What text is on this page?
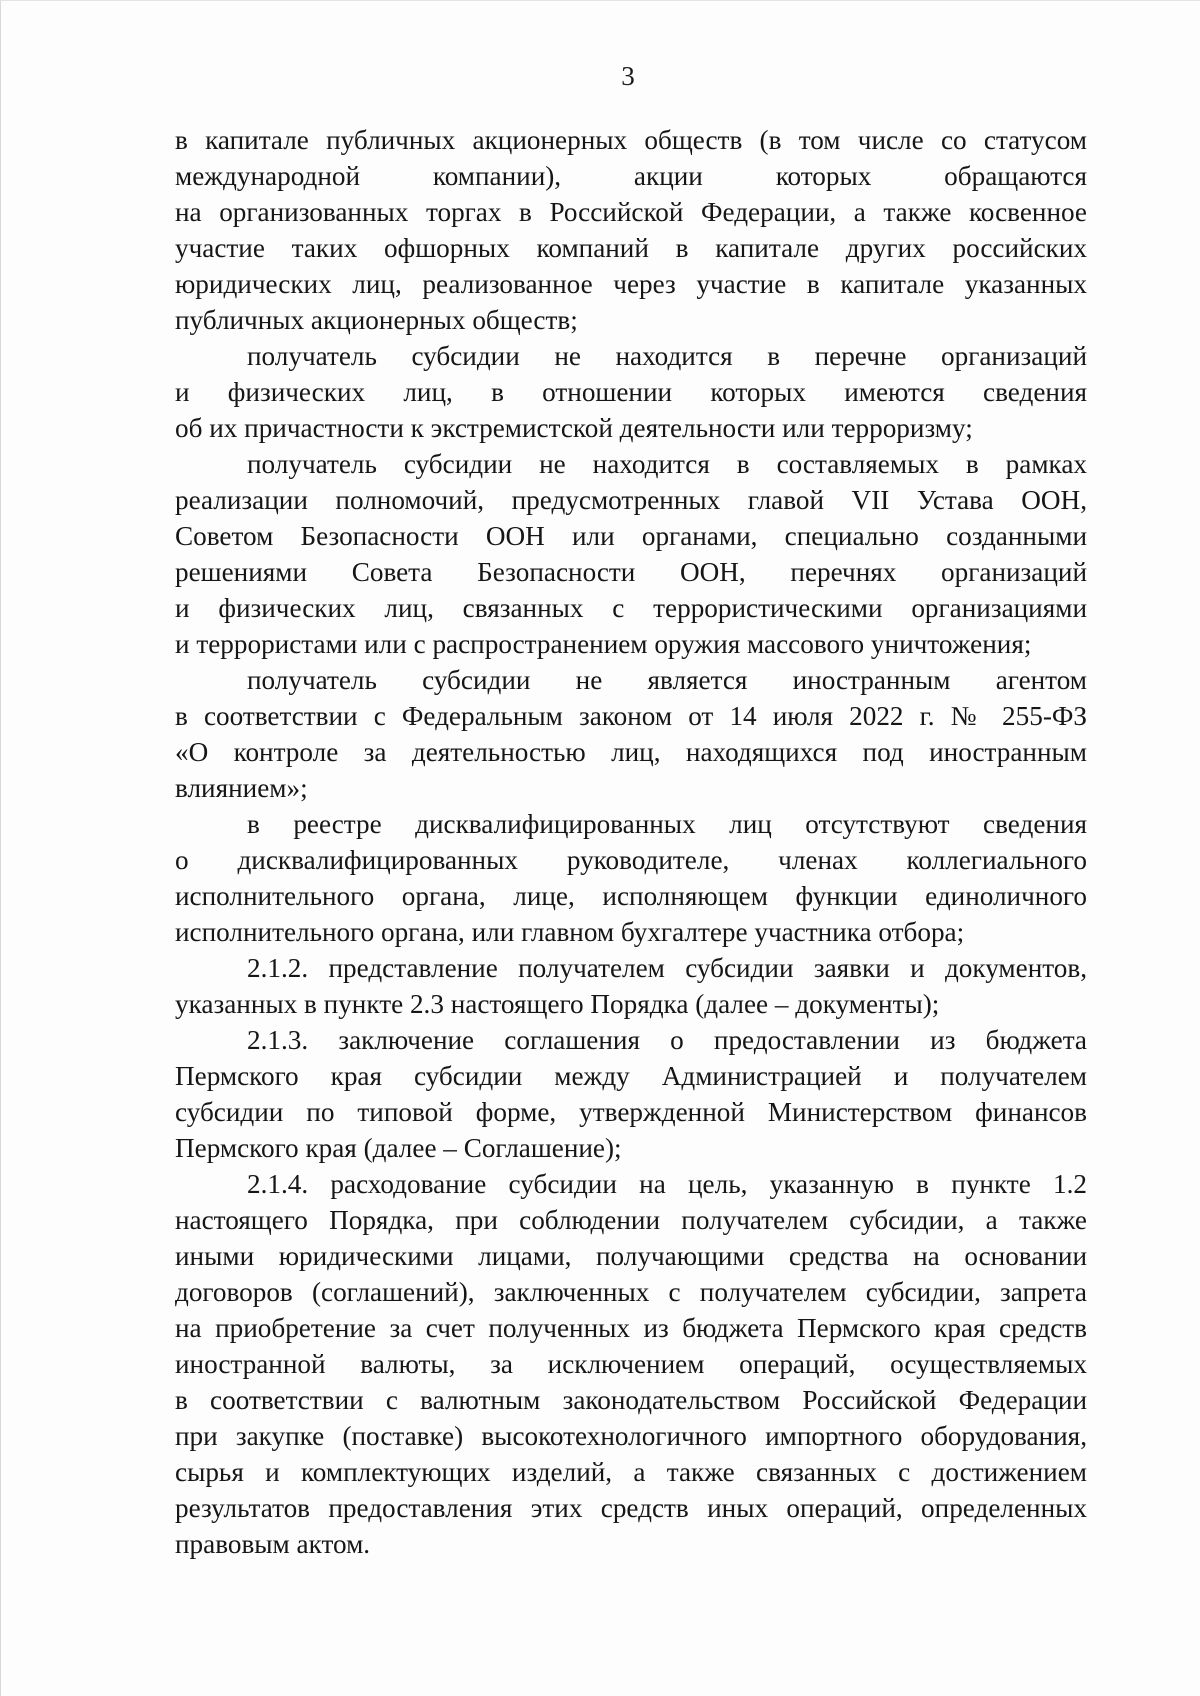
3
в капитале публичных акционерных обществ (в том числе со статусом
международной компании), акции которых обращаются
на организованных торгах в Российской Федерации, а также косвенное
участие таких офшорных компаний в капитале других российских
юридических лиц, реализованное через участие в капитале указанных
публичных акционерных обществ;
получатель субсидии не находится в перечне организаций
и физических лиц, в отношении которых имеются сведения
об их причастности к экстремистской деятельности или терроризму;
получатель субсидии не находится в составляемых в рамках
реализации полномочий, предусмотренных главой VII Устава ООН,
Советом Безопасности ООН или органами, специально созданными
решениями Совета Безопасности ООН, перечнях организаций
и физических лиц, связанных с террористическими организациями
и террористами или с распространением оружия массового уничтожения;
получатель субсидии не является иностранным агентом
в соответствии с Федеральным законом от 14 июля 2022 г. № 255-ФЗ
«О контроле за деятельностью лиц, находящихся под иностранным
влиянием»;
в реестре дисквалифицированных лиц отсутствуют сведения
о дисквалифицированных руководителе, членах коллегиального
исполнительного органа, лице, исполняющем функции единоличного
исполнительного органа, или главном бухгалтере участника отбора;
2.1.2. представление получателем субсидии заявки и документов,
указанных в пункте 2.3 настоящего Порядка (далее – документы);
2.1.3. заключение соглашения о предоставлении из бюджета
Пермского края субсидии между Администрацией и получателем
субсидии по типовой форме, утвержденной Министерством финансов
Пермского края (далее – Соглашение);
2.1.4. расходование субсидии на цель, указанную в пункте 1.2
настоящего Порядка, при соблюдении получателем субсидии, а также
иными юридическими лицами, получающими средства на основании
договоров (соглашений), заключенных с получателем субсидии, запрета
на приобретение за счет полученных из бюджета Пермского края средств
иностранной валюты, за исключением операций, осуществляемых
в соответствии с валютным законодательством Российской Федерации
при закупке (поставке) высокотехнологичного импортного оборудования,
сырья и комплектующих изделий, а также связанных с достижением
результатов предоставления этих средств иных операций, определенных
правовым актом.
